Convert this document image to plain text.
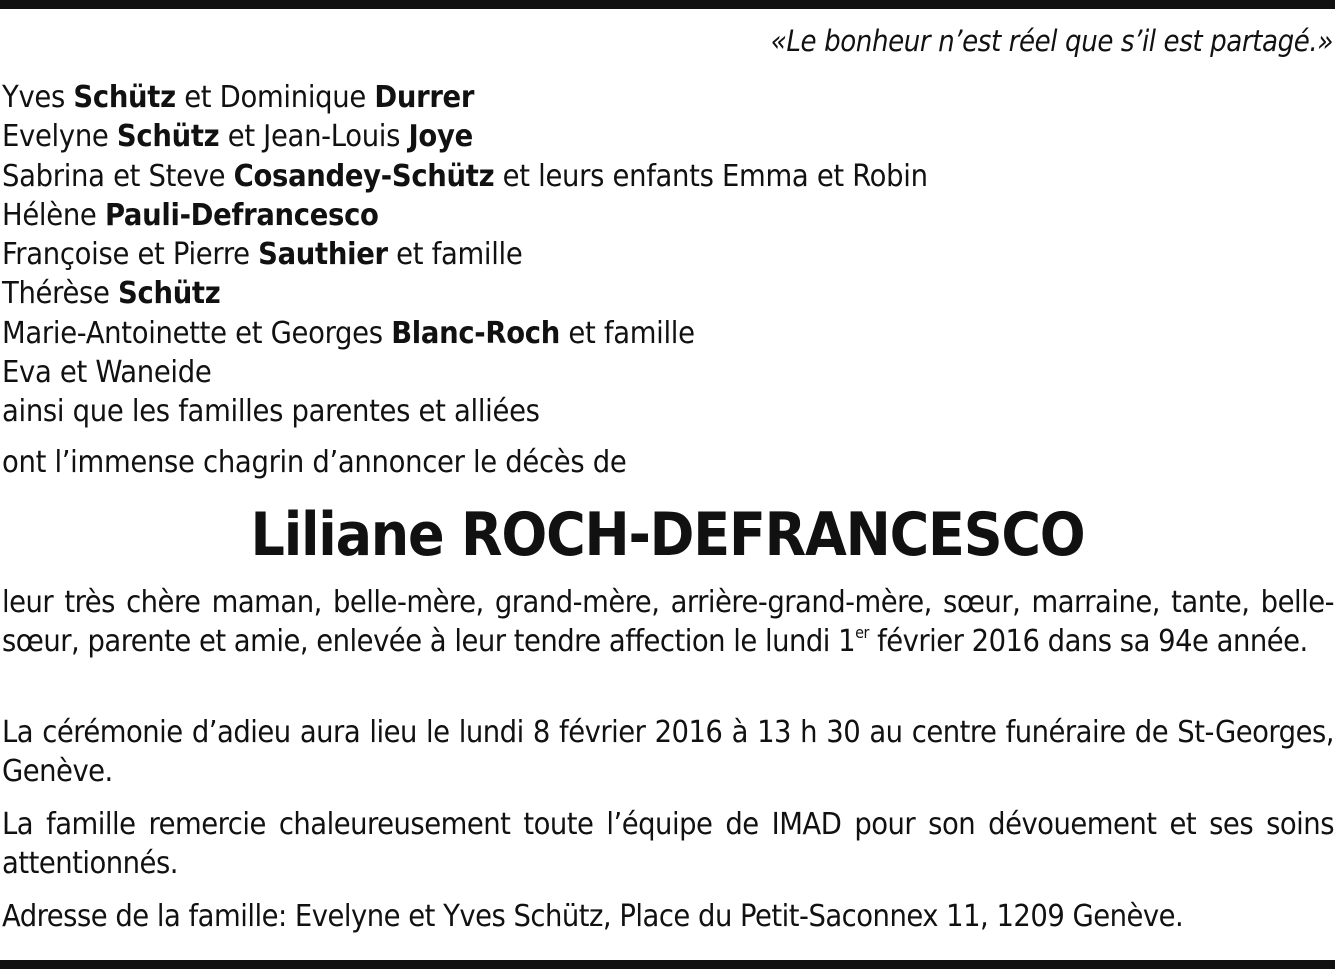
«Le bonheur n’est réel que s’il est partagé.»
Yves Schütz et Dominique Durrer
Evelyne Schütz et Jean-Louis Joye
Sabrina et Steve Cosandey-Schütz et leurs enfants Emma et Robin
Hélène Pauli-Defrancesco
Françoise et Pierre Sauthier et famille
Thérèse Schütz
Marie-Antoinette et Georges Blanc-Roch et famille
Eva et Waneide
ainsi que les familles parentes et alliées
ont l’immense chagrin d’annoncer le décès de
Liliane ROCH-DEFRANCESCO
leur très chère maman, belle-mère, grand-mère, arrière-grand-mère, sœur, marraine, tante, belle-sœur, parente et amie, enlevée à leur tendre affection le lundi 1er février 2016 dans sa 94e année.
La cérémonie d’adieu aura lieu le lundi 8 février 2016 à 13 h 30 au centre funéraire de St-Georges, Genève.
La famille remercie chaleureusement toute l’équipe de IMAD pour son dévouement et ses soins attentionnés.
Adresse de la famille: Evelyne et Yves Schütz, Place du Petit-Saconnex 11, 1209 Genève.
